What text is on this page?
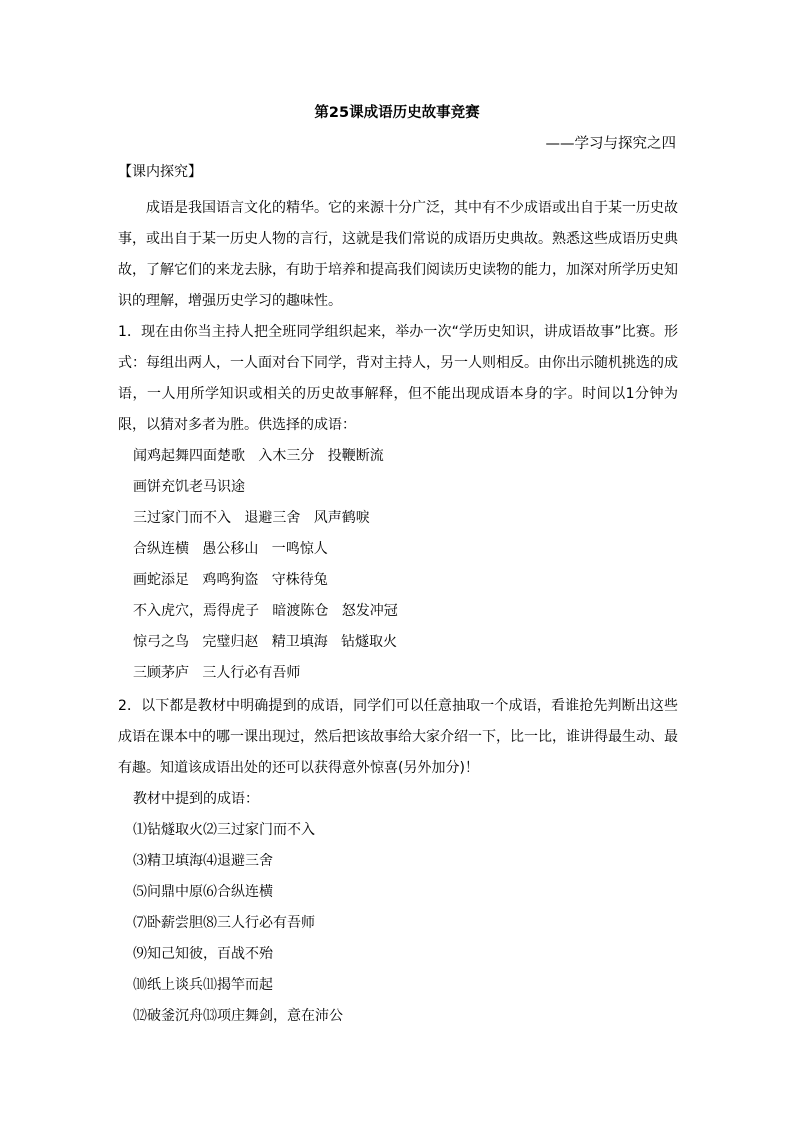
第25课成语历史故事竞赛
——学习与探究之四
【课内探究】

成语是我国语言文化的精华。它的来源十分广泛，其中有不少成语或出自于某一历史故事，或出自于某一历史人物的言行，这就是我们常说的成语历史典故。熟悉这些成语历史典故，了解它们的来龙去脉，有助于培养和提高我们阅读历史读物的能力，加深对所学历史知识的理解，增强历史学习的趣味性。

1．现在由你当主持人把全班同学组织起来，举办一次“学历史知识，讲成语故事”比赛。形式：每组出两人，一人面对台下同学，背对主持人，另一人则相反。由你出示随机挑选的成语，一人用所学知识或相关的历史故事解释，但不能出现成语本身的字。时间以1分钟为限，以猜对多者为胜。供选择的成语：

闻鸡起舞四面楚歌   入木三分   投鞭断流
画饼充饥老马识途
三过家门而不入   退避三舍   风声鹤唳
合纵连横   愚公移山   一鸣惊人
画蛇添足   鸡鸣狗盗   守株待兔
不入虎穴，焉得虎子   暗渡陈仓   怒发冲冠
惊弓之鸟   完璧归赵   精卫填海   钻燧取火
三顾茅庐   三人行必有吾师

2．以下都是教材中明确提到的成语，同学们可以任意抽取一个成语，看谁抢先判断出这些成语在课本中的哪一课出现过，然后把该故事给大家介绍一下，比一比，谁讲得最生动、最有趣。知道该成语出处的还可以获得意外惊喜(另外加分)！

教材中提到的成语：
⑴钻燧取火⑵三过家门而不入
⑶精卫填海⑷退避三舍
⑸问鼎中原⑹合纵连横
⑺卧薪尝胆⑻三人行必有吾师
⑼知己知彼，百战不殆
⑽纸上谈兵⑾揭竿而起
⑿破釜沉舟⒀项庄舞剑，意在沛公
